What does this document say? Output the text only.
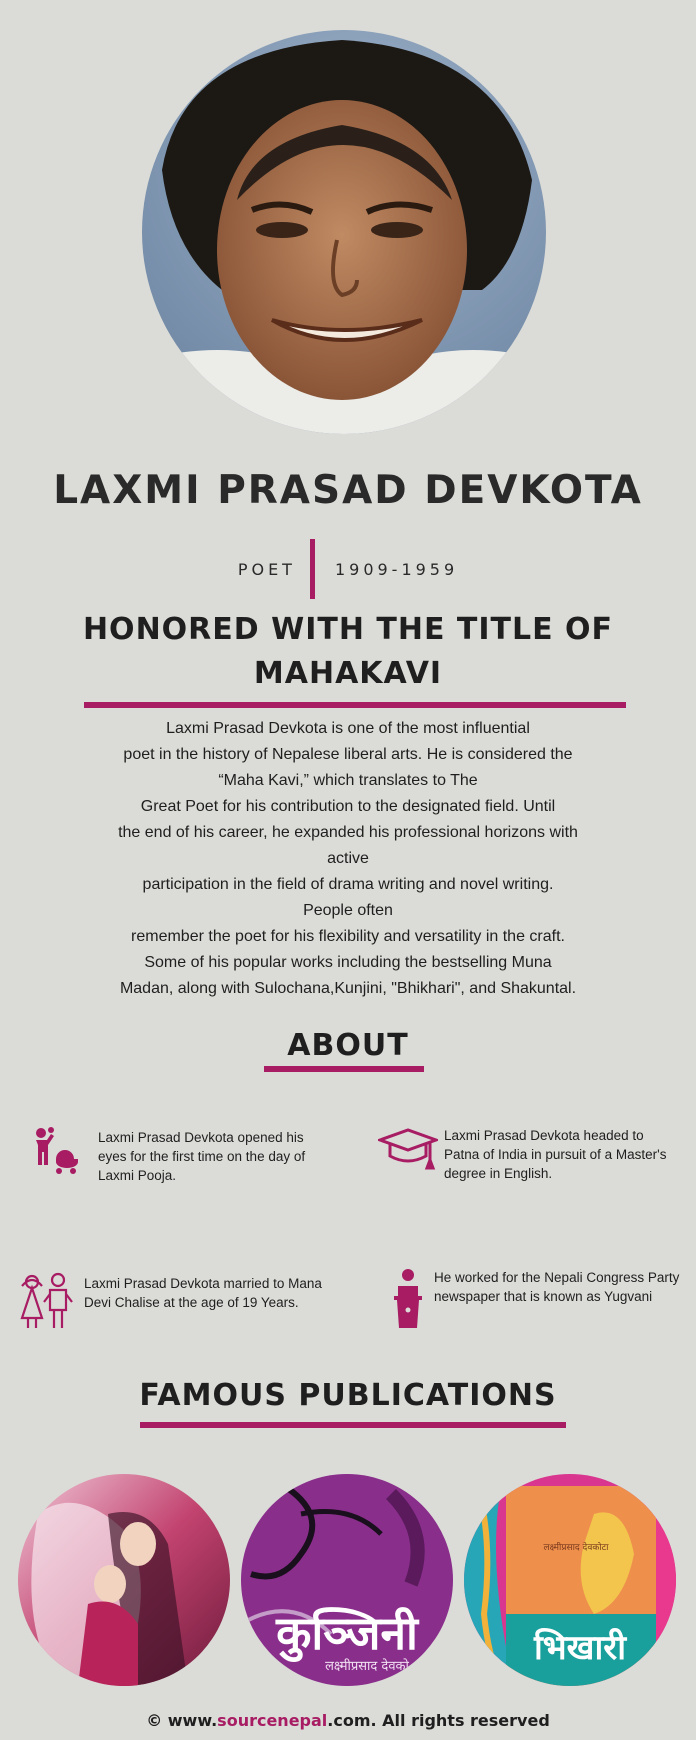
LAXMI PRASAD DEVKOTA
POET 1909-1959
HONORED WITH THE TITLE OF
MAHAKAVI

Laxmi Prasad Devkota is one of the most influential

poet in the history of Nepalese liberal arts. He is considered the

“Maha Kavi,” which translates to The

Great Poet for his contribution to the designated field. Until

the end of his career, he expanded his professional horizons with

active

participation in the field of drama writing and novel writing.

People often

remember the poet for his flexibility and versatility in the craft.

Some of his popular works including the bestselling Muna

Madan, along with Sulochana,Kunjini, "Bhikhari", and Shakuntal.

ABOUT
Laxmi Prasad Devkota opened his eyes for the first time on the day of Laxmi Pooja.
Laxmi Prasad Devkota headed to Patna of India in pursuit of a Master's degree in English.
Laxmi Prasad Devkota married to Mana Devi Chalise at the age of 19 Years.
He worked for the Nepali Congress Party newspaper that is known as Yugvani
FAMOUS PUBLICATIONS
कुञ्जिनी
लक्ष्मीप्रसाद देवको
लक्ष्मीप्रसाद देवकोटा
भिखारी
© www.sourcenepal.com. All rights reserved
